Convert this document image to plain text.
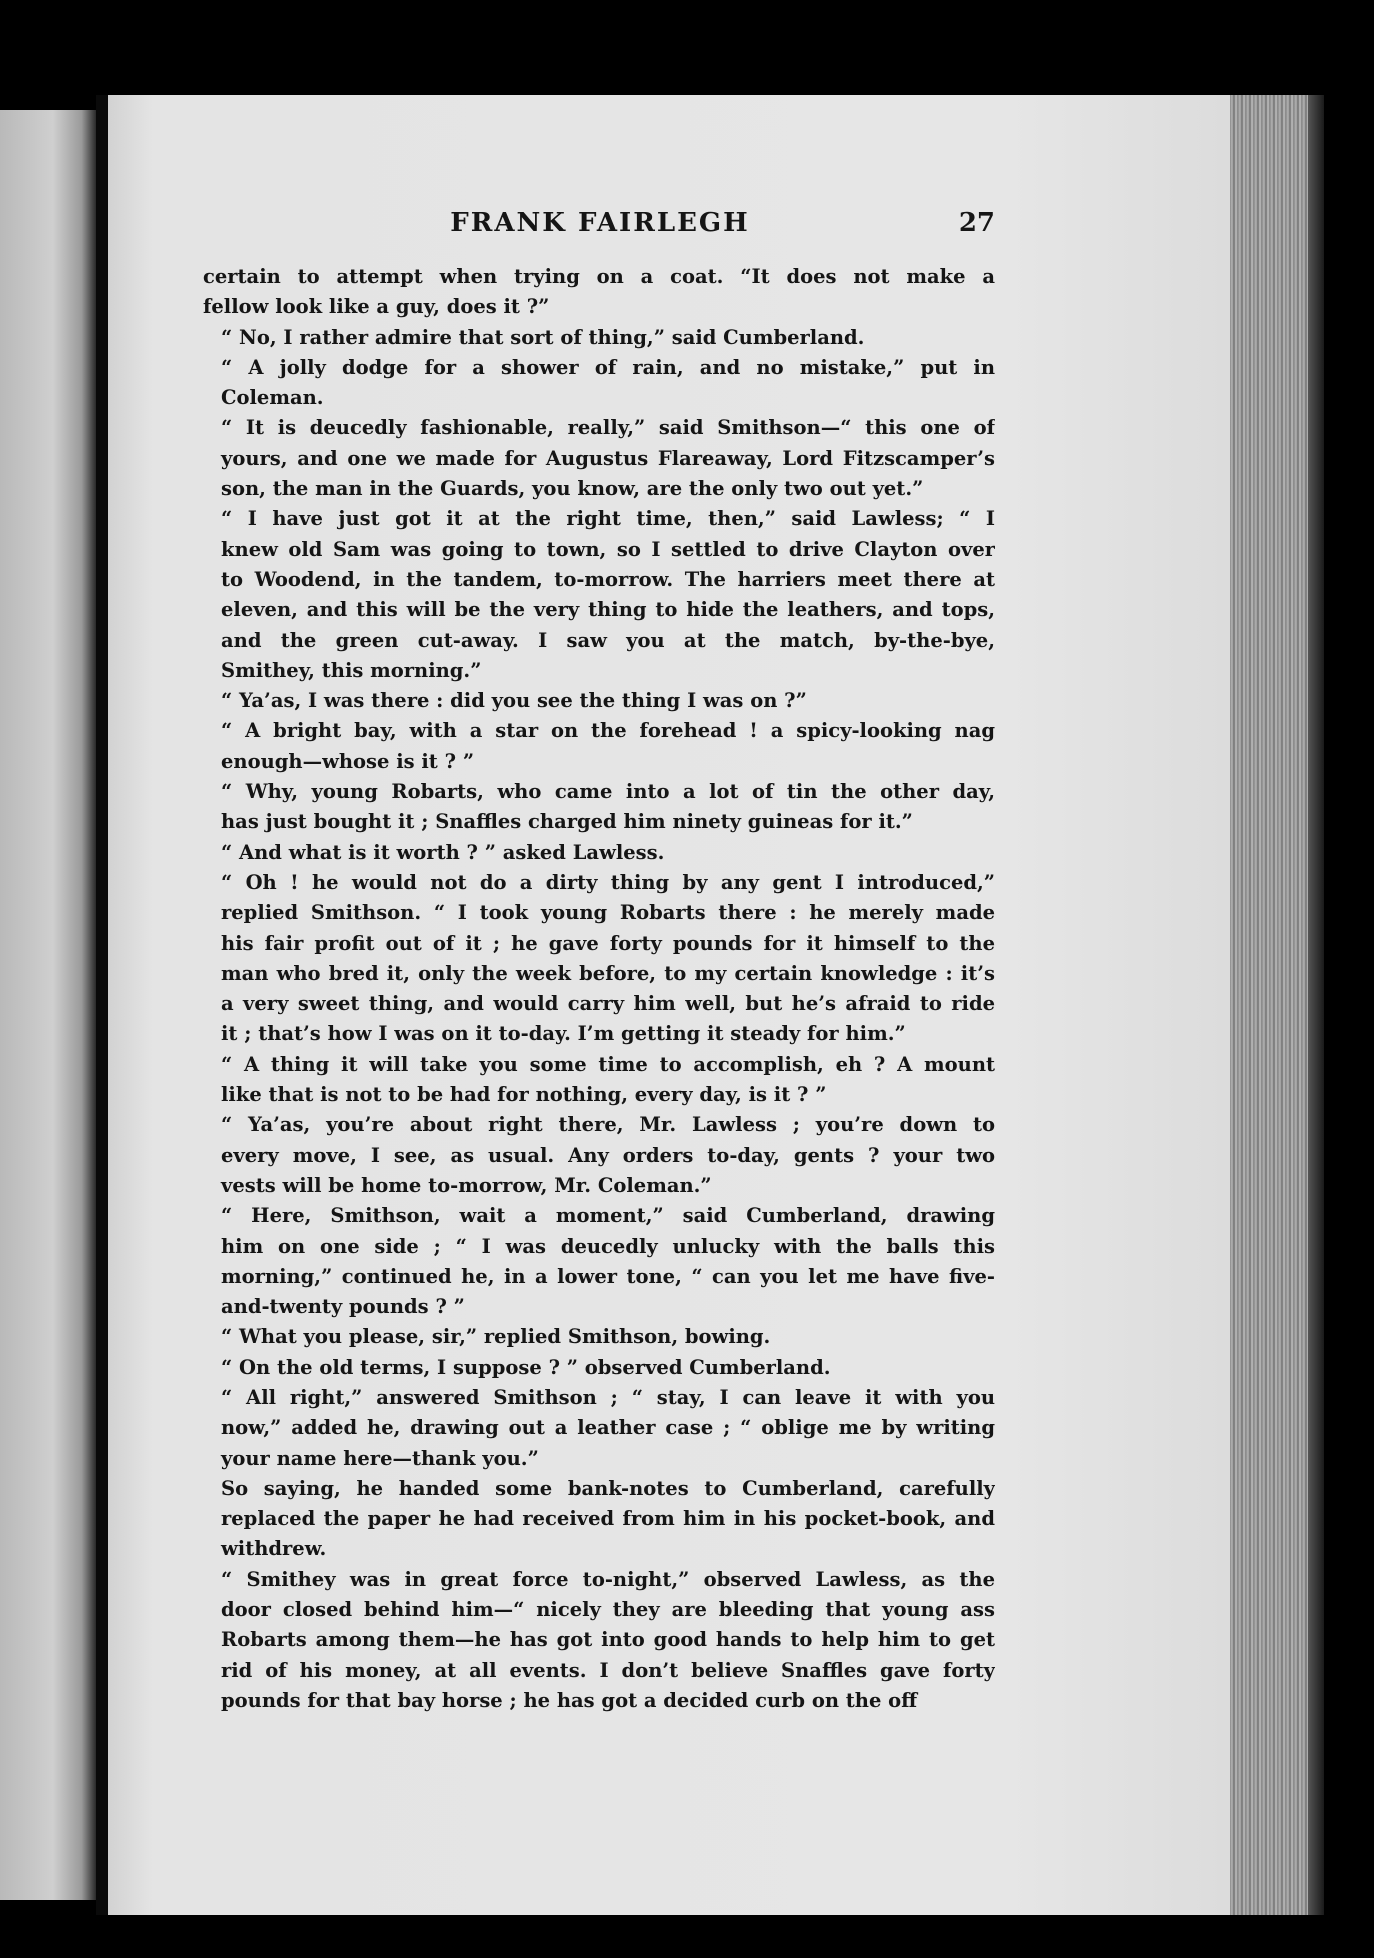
FRANK FAIRLEGH	27

certain to attempt when trying on a coat. “It does not make a
fellow look like a guy, does it ?”

“ No, I rather admire that sort of thing,” said Cumberland.

“ A jolly dodge for a shower of rain, and no mistake,” put in
Coleman.

“ It is deucedly fashionable, really,” said Smithson—“ this one of
yours, and one we made for Augustus Flareaway, Lord Fitzscamper’s
son, the man in the Guards, you know, are the only two out yet.”

“ I have just got it at the right time, then,” said Lawless; “ I
knew old Sam was going to town, so I settled to drive Clayton over
to Woodend, in the tandem, to-morrow. The harriers meet there at
eleven, and this will be the very thing to hide the leathers, and tops,
and the green cut-away. I saw you at the match, by-the-bye,
Smithey, this morning.”

“ Ya’as, I was there : did you see the thing I was on ?”

“ A bright bay, with a star on the forehead ! a spicy-looking nag
enough—whose is it ? ”

“ Why, young Robarts, who came into a lot of tin the other day,
has just bought it ; Snaffles charged him ninety guineas for it.”

“ And what is it worth ? ” asked Lawless.

“ Oh ! he would not do a dirty thing by any gent I introduced,”
replied Smithson. “ I took young Robarts there : he merely made
his fair profit out of it ; he gave forty pounds for it himself to the
man who bred it, only the week before, to my certain knowledge : it’s
a very sweet thing, and would carry him well, but he’s afraid to ride
it ; that’s how I was on it to-day. I’m getting it steady for him.”

“ A thing it will take you some time to accomplish, eh ? A mount
like that is not to be had for nothing, every day, is it ? ”

“ Ya’as, you’re about right there, Mr. Lawless ; you’re down to
every move, I see, as usual. Any orders to-day, gents ? your two
vests will be home to-morrow, Mr. Coleman.”

“ Here, Smithson, wait a moment,” said Cumberland, drawing
him on one side ; “ I was deucedly unlucky with the balls this
morning,” continued he, in a lower tone, “ can you let me have five-
and-twenty pounds ? ”

“ What you please, sir,” replied Smithson, bowing.

“ On the old terms, I suppose ? ” observed Cumberland.

“ All right,” answered Smithson ; “ stay, I can leave it with you
now,” added he, drawing out a leather case ; “ oblige me by writing
your name here—thank you.”

So saying, he handed some bank-notes to Cumberland, carefully
replaced the paper he had received from him in his pocket-book, and
withdrew.

“ Smithey was in great force to-night,” observed Lawless, as the
door closed behind him—“ nicely they are bleeding that young ass
Robarts among them—he has got into good hands to help him to get
rid of his money, at all events. I don’t believe Snaffles gave forty
pounds for that bay horse ; he has got a decided curb on the off
